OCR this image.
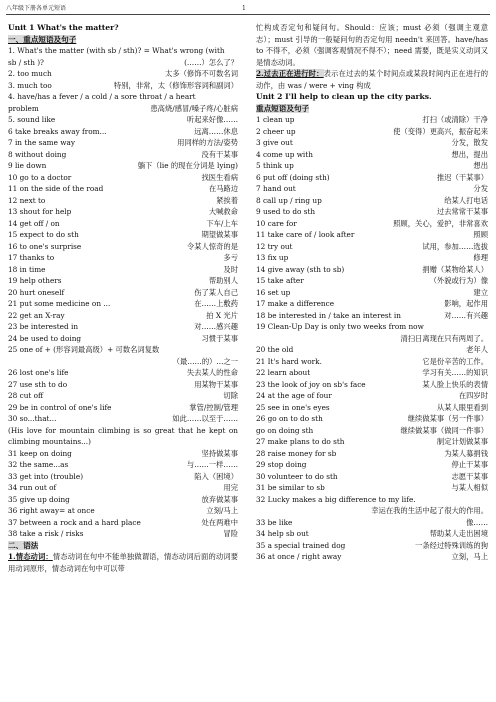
八年级下册各单元短语	1
Unit 1 What's the matter?
一、重点短语及句子
1. What's the matter (with sb / sth)? = What's wrong (with
sb / sth )?	(……）怎么了？
2. too much	太多（修饰不可数名词
3. much too	特别，非常，太（修饰形容词和副词）
4. have/has a fever / a cold / a sore throat / a heart
problem	患高烧/感冒/嗓子疼/心脏病
5. sound like	听起来好像……
6 take breaks away from...	远离……休息
7 in the same way	用同样的方法/姿势
8 without doing	没有干某事
9 lie down	躺下（lie 的现在分词是 lying)
10 go to a doctor	找医生看病
11 on the side of the road	在马路边
12 next to	紧挨着
13 shout for help	大喊救命
14 get off / on	下车/上车
15 expect to do sth	期望做某事
16 to one's surprise	令某人惊奇的是
17 thanks to	多亏
18 in time	及时
19 help others	帮助别人
20 hurt oneself	伤了某人自己
21 put some medicine on ...	在……上敷药
22 get an X-ray	拍 X 光片
23 be interested in	对……感兴趣
24 be used to doing	习惯于某事
25 one of + (形容词最高级）+ 可数名词复数
（最……的）...之一
26 lost one's life	失去某人的性命
27 use sth to do	用某物干某事
28 cut off	切除
29 be in control of one's life	掌管/控制/管理
30 so...that...	如此……以至于……
(His love for mountain climbing is so great that he kept on climbing mountains...)
31 keep on doing	坚持做某事
32 the same...as	与……一样……
33 get into (trouble)	陷入（困境）
34 run out of	用完
35 give up doing	放弃做某事
36 right away= at once	立刻/马上
37 between a rock and a hard place	处在两难中
38 take a risk / risks	冒险
二、语法
1.情态动词：情态动词在句中不能单独做谓语，情态动词后面的动词要用动词原形，情态动词在句中可以带
忙构成否定句和疑问句。Should：应该；must 必须（强调主观意志）；must 引导的一般疑问句的否定句用 needn't 来回答。have/has to 不得不，必须（强调客观情况不得不）；need 需要，既是实义动词又是情态动词。
2.过去正在进行时：表示在过去的某个时间点或某段时间内正在进行的动作，由 was / were + ving 构成
Unit 2 I'll help to clean up the city parks.
重点短语及句子
1 clean up	打扫（或清除）干净
2 cheer up	使（变得）更高兴，振奋起来
3 give out	分发，散发
4 come up with	想出，提出
5 think up	想出
6 put off (doing sth)	推迟（干某事）
7 hand out	分发
8 call up / ring up	给某人打电话
9 used to do sth	过去常常干某事
10 care for	照顾，关心，爱护，非常喜欢
11 take care of / look after	照顾
12 try out	试用，参加……选拔
13 fix up	修理
14 give away (sth to sb)	捐赠（某物给某人）
15 take after	（外貌或行为）像
16 set up	建立
17 make a difference	影响，起作用
18 be interested in / take an interest in	对……有兴趣
19 Clean-Up Day is only two weeks from now
清扫日离现在只有两周了。
20 the old	老年人
21 It's hard work.	它是份辛苦的工作。
22 learn about	学习有关……的知识
23 the look of joy on sb's face	某人脸上快乐的表情
24 at the age of four	在四岁时
25 see in one's eyes	从某人眼里看到
26 go on to do sth	继续做某事（另一件事）
go on doing sth	继续做某事（做同一件事）
27 make plans to do sth	制定计划做某事
28 raise money for sb	为某人募捐钱
29 stop doing	停止干某事
30 volunteer to do sth	志愿干某事
31 be similar to sb	与某人相似
32 Lucky makes a big difference to my life.
幸运在我的生活中起了很大的作用。
33 be like	像……
34 help sb out	帮助某人走出困境
35 a special trained dog	一条经过特殊训练的狗
36 at once / right away	立刻，马上
